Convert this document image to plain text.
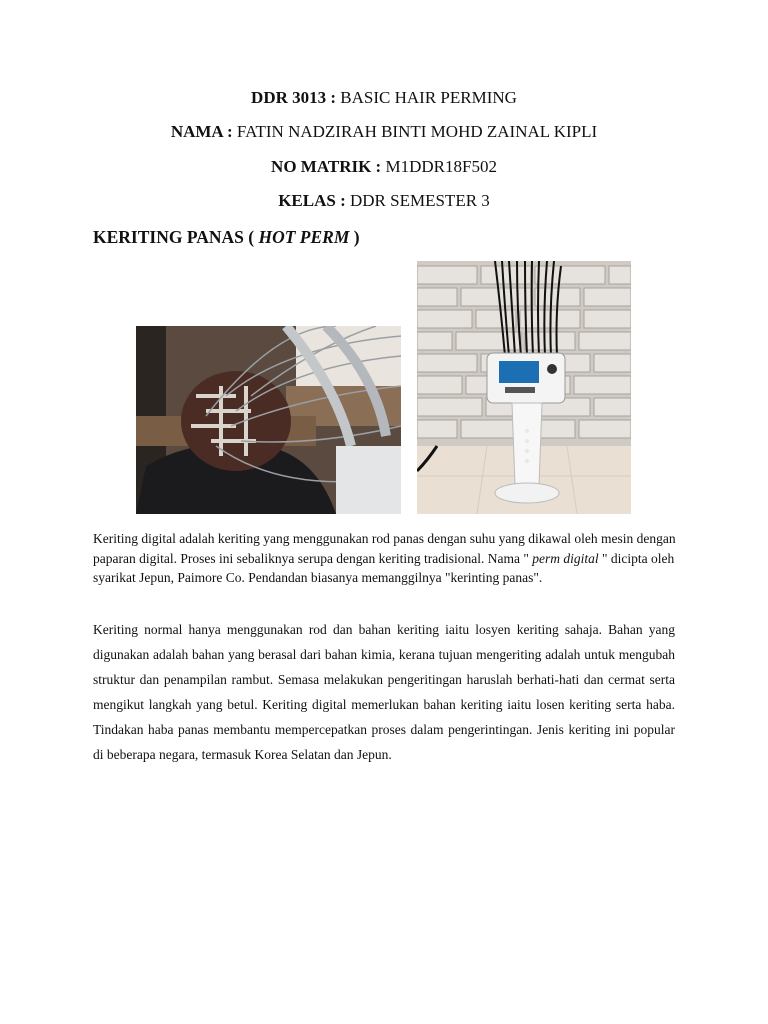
DDR 3013 : BASIC HAIR PERMING
NAMA : FATIN NADZIRAH BINTI MOHD ZAINAL KIPLI
NO MATRIK : M1DDR18F502
KELAS : DDR SEMESTER 3
KERITING PANAS ( HOT PERM )
Keriting digital adalah keriting yang menggunakan rod panas dengan suhu yang dikawal oleh mesin dengan paparan digital. Proses ini sebaliknya serupa dengan keriting tradisional. Nama " perm digital " dicipta oleh syarikat Jepun, Paimore Co. Pendandan biasanya memanggilnya "kerinting panas".
Keriting normal hanya menggunakan rod dan bahan keriting iaitu losyen keriting sahaja. Bahan yang digunakan adalah bahan yang berasal dari bahan kimia, kerana tujuan mengeriting adalah untuk mengubah struktur dan penampilan rambut. Semasa melakukan pengeritingan haruslah berhati-hati dan cermat serta mengikut langkah yang betul. Keriting digital memerlukan bahan keriting iaitu losen keriting serta haba. Tindakan haba panas membantu mempercepatkan proses dalam pengerintingan. Jenis keriting ini popular di beberapa negara, termasuk Korea Selatan dan Jepun.
